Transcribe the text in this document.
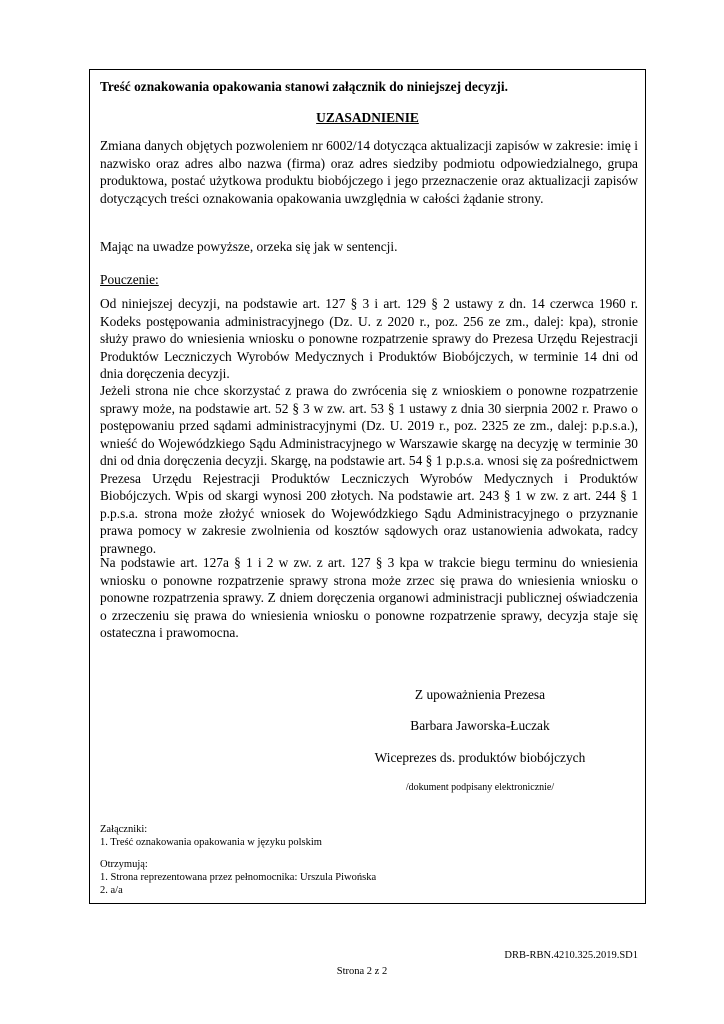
Treść oznakowania opakowania stanowi załącznik do niniejszej decyzji.

UZASADNIENIE

Zmiana danych objętych pozwoleniem nr 6002/14 dotycząca aktualizacji zapisów w zakresie: imię i nazwisko oraz adres albo nazwa (firma) oraz adres siedziby podmiotu odpowiedzialnego, grupa produktowa, postać użytkowa produktu biobójczego i jego przeznaczenie oraz aktualizacji zapisów dotyczących treści oznakowania opakowania uwzględnia w całości żądanie strony.

Mając na uwadze powyższe, orzeka się jak w sentencji.

Pouczenie:

Od niniejszej decyzji, na podstawie art. 127 § 3 i art. 129 § 2 ustawy z dn. 14 czerwca 1960 r. Kodeks postępowania administracyjnego (Dz. U. z 2020 r., poz. 256 ze zm., dalej: kpa), stronie służy prawo do wniesienia wniosku o ponowne rozpatrzenie sprawy do Prezesa Urzędu Rejestracji Produktów Leczniczych Wyrobów Medycznych i Produktów Biobójczych, w terminie 14 dni od dnia doręczenia decyzji.

Jeżeli strona nie chce skorzystać z prawa do zwrócenia się z wnioskiem o ponowne rozpatrzenie sprawy może, na podstawie art. 52 § 3 w zw. art. 53 § 1 ustawy z dnia 30 sierpnia 2002 r. Prawo o postępowaniu przed sądami administracyjnymi (Dz. U. 2019 r., poz. 2325 ze zm., dalej: p.p.s.a.), wnieść do Wojewódzkiego Sądu Administracyjnego w Warszawie skargę na decyzję w terminie 30 dni od dnia doręczenia decyzji. Skargę, na podstawie art. 54 § 1 p.p.s.a. wnosi się za pośrednictwem Prezesa Urzędu Rejestracji Produktów Leczniczych Wyrobów Medycznych i Produktów Biobójczych. Wpis od skargi wynosi 200 złotych. Na podstawie art. 243 § 1 w zw. z art. 244 § 1 p.p.s.a. strona może złożyć wniosek do Wojewódzkiego Sądu Administracyjnego o przyznanie prawa pomocy w zakresie zwolnienia od kosztów sądowych oraz ustanowienia adwokata, radcy prawnego.

Na podstawie art. 127a § 1 i 2 w zw. z art. 127 § 3 kpa w trakcie biegu terminu do wniesienia wniosku o ponowne rozpatrzenie sprawy strona może zrzec się prawa do wniesienia wniosku o ponowne rozpatrzenia sprawy. Z dniem doręczenia organowi administracji publicznej oświadczenia o zrzeczeniu się prawa do wniesienia wniosku o ponowne rozpatrzenie sprawy, decyzja staje się ostateczna i prawomocna.

Z upoważnienia Prezesa

Barbara Jaworska-Łuczak

Wiceprezes ds. produktów biobójczych

/dokument podpisany elektronicznie/

Załączniki:
1. Treść oznakowania opakowania w języku polskim
Otrzymują:
1. Strona reprezentowana przez pełnomocnika: Urszula Piwońska
2. a/a

DRB-RBN.4210.325.2019.SD1

Strona 2 z 2
